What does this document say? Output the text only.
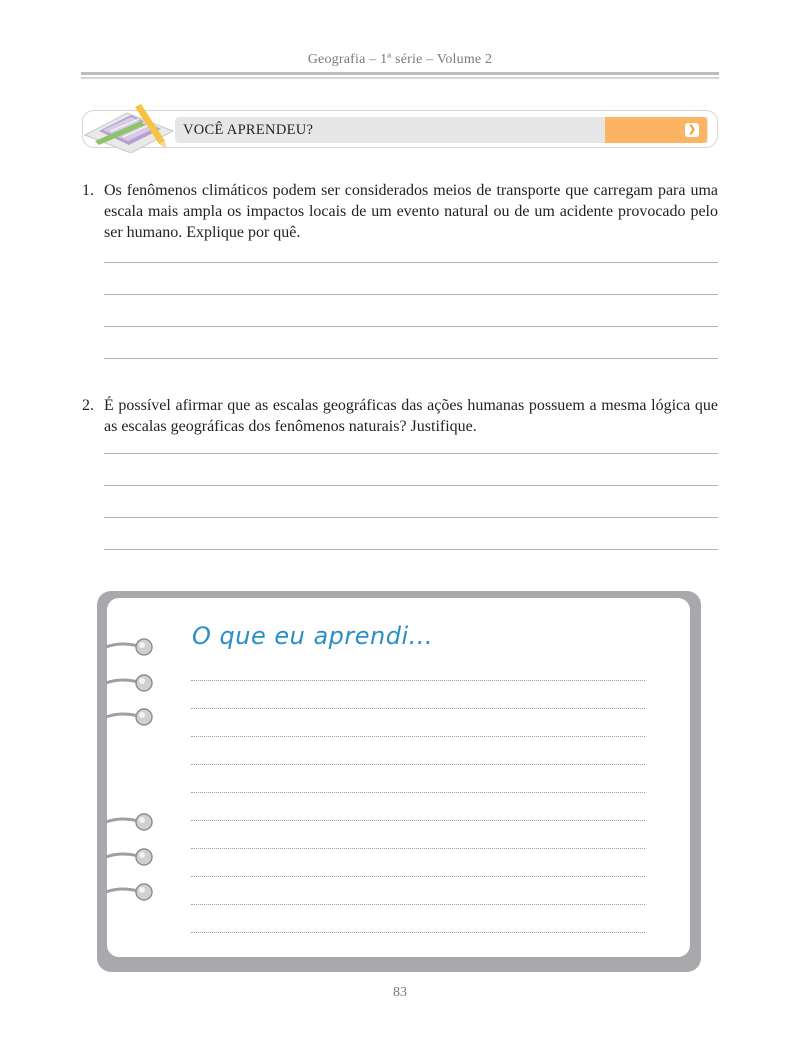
Geografia – 1ª série – Volume 2
VOCÊ APRENDEU?	❯
1. Os fenômenos climáticos podem ser considerados meios de transporte que carregam para uma escala mais ampla os impactos locais de um evento natural ou de um acidente provocado pelo ser humano. Explique por quê.
2. É possível afirmar que as escalas geográficas das ações humanas possuem a mesma lógica que as escalas geográficas dos fenômenos naturais? Justifique.
O que eu aprendi...
83
